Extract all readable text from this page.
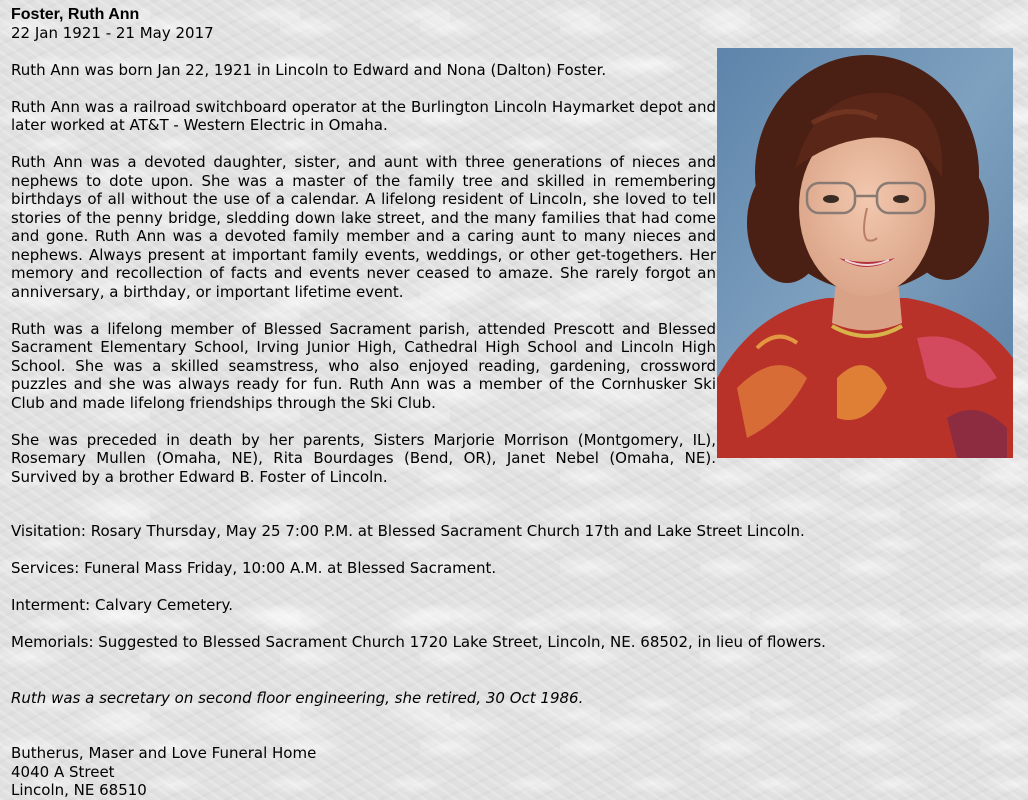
Foster, Ruth Ann
22 Jan 1921 - 21 May 2017

Ruth Ann was born Jan 22, 1921 in Lincoln to Edward and Nona (Dalton) Foster.

Ruth Ann was a railroad switchboard operator at the Burlington Lincoln Haymarket depot and later worked at AT&T - Western Electric in Omaha.

Ruth Ann was a devoted daughter, sister, and aunt with three generations of nieces and nephews to dote upon. She was a master of the family tree and skilled in remembering birthdays of all without the use of a calendar. A lifelong resident of Lincoln, she loved to tell stories of the penny bridge, sledding down lake street, and the many families that had come and gone. Ruth Ann was a devoted family member and a caring aunt to many nieces and nephews. Always present at important family events, weddings, or other get-togethers. Her memory and recollection of facts and events never ceased to amaze. She rarely forgot an anniversary, a birthday, or important lifetime event.

Ruth was a lifelong member of Blessed Sacrament parish, attended Prescott and Blessed Sacrament Elementary School, Irving Junior High, Cathedral High School and Lincoln High School. She was a skilled seamstress, who also enjoyed reading, gardening, crossword puzzles and she was always ready for fun. Ruth Ann was a member of the Cornhusker Ski Club and made lifelong friendships through the Ski Club.

She was preceded in death by her parents, Sisters Marjorie Morrison (Montgomery, IL), Rosemary Mullen (Omaha, NE), Rita Bourdages (Bend, OR), Janet Nebel (Omaha, NE). Survived by a brother Edward B. Foster of Lincoln.

Visitation: Rosary Thursday, May 25 7:00 P.M. at Blessed Sacrament Church 17th and Lake Street Lincoln.

Services: Funeral Mass Friday, 10:00 A.M. at Blessed Sacrament.

Interment: Calvary Cemetery.

Memorials: Suggested to Blessed Sacrament Church 1720 Lake Street, Lincoln, NE. 68502, in lieu of flowers.

Ruth was a secretary on second floor engineering, she retired, 30 Oct 1986.

Butherus, Maser and Love Funeral Home
4040 A Street
Lincoln, NE 68510
